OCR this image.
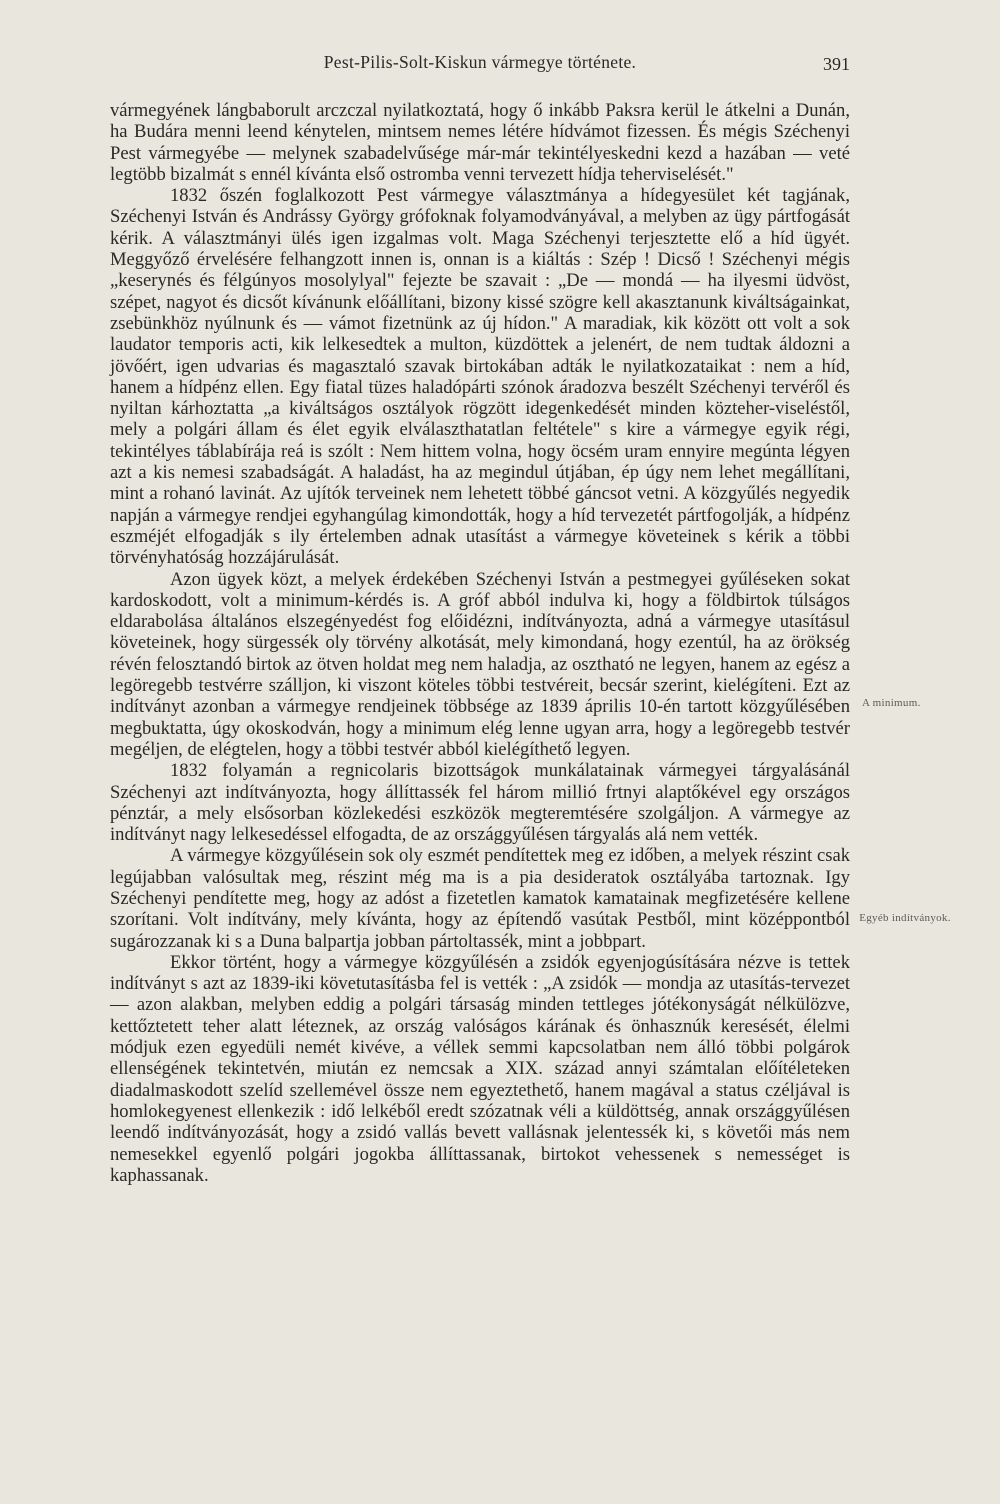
Pest-Pilis-Solt-Kiskun vármegye története.	391

vármegyének lángbaborult arczczal nyilatkoztatá, hogy ő inkább Paksra kerül le átkelni a Dunán, ha Budára menni leend kénytelen, mintsem nemes létére hídvámot fizessen. És mégis Széchenyi Pest vármegyébe — melynek szabadelvűsége már-már tekintélyeskedni kezd a hazában — veté legtöbb bizalmát s ennél kívánta első ostromba venni tervezett hídja teherviselését."

1832 őszén foglalkozott Pest vármegye választmánya a hídegyesület két tagjának, Széchenyi István és Andrássy György grófoknak folyamodványával, a melyben az ügy pártfogását kérik. A választmányi ülés igen izgalmas volt. Maga Széchenyi terjesztette elő a híd ügyét. Meggyőző érvelésére felhangzott innen is, onnan is a kiáltás : Szép ! Dicső ! Széchenyi mégis „keserynés és félgúnyos mosolylyal" fejezte be szavait : „De — mondá — ha ilyesmi üdvöst, szépet, nagyot és dicsőt kívánunk előállítani, bizony kissé szögre kell akasztanunk kiváltságainkat, zsebünkhöz nyúlnunk és — vámot fizetnünk az új hídon." A maradiak, kik között ott volt a sok laudator temporis acti, kik lelkesedtek a multon, küzdöttek a jelenért, de nem tudtak áldozni a jövőért, igen udvarias és magasztaló szavak birtokában adták le nyilatkozataikat : nem a híd, hanem a hídpénz ellen. Egy fiatal tüzes haladópárti szónok áradozva beszélt Széchenyi tervéről és nyiltan kárhoztatta „a kiváltságos osztályok rögzött idegenkedését minden közteher-viseléstől, mely a polgári állam és élet egyik elválaszthatatlan feltétele" s kire a vármegye egyik régi, tekintélyes táblabírája reá is szólt : Nem hittem volna, hogy öcsém uram ennyire megúnta légyen azt a kis nemesi szabadságát. A haladást, ha az megindul útjában, ép úgy nem lehet megállítani, mint a rohanó lavinát. Az ujítók terveinek nem lehetett többé gáncsot vetni. A közgyűlés negyedik napján a vármegye rendjei egyhangúlag kimondották, hogy a híd tervezetét pártfogolják, a hídpénz eszméjét elfogadják s ily értelemben adnak utasítást a vármegye követeinek s kérik a többi törvényhatóság hozzájárulását.

Azon ügyek közt, a melyek érdekében Széchenyi István a pestmegyei gyűléseken sokat kardoskodott, volt a minimum-kérdés is. A gróf abból indulva ki, hogy a földbirtok túlságos eldarabolása általános elszegényedést fog előidézni, indítványozta, adná a vármegye utasításul követeinek, hogy sürgessék oly törvény alkotását, mely kimondaná, hogy ezentúl, ha az örökség révén felosztandó birtok az ötven holdat meg nem haladja, az osztható ne legyen, hanem az egész a legöregebb testvérre szálljon, ki viszont köteles többi testvéreit, becsár szerint, kielégíteni. Ezt az indítványt azonban a vármegye rendjeinek többsége az 1839 április 10-én tartott közgyűlésében megbuktatta, úgy okoskodván, hogy a minimum elég lenne ugyan arra, hogy a legöregebb testvér megéljen, de elégtelen, hogy a többi testvér abból kielégíthető legyen.

1832 folyamán a regnicolaris bizottságok munkálatainak vármegyei tárgyalásánál Széchenyi azt indítványozta, hogy állíttassék fel három millió frtnyi alaptőkével egy országos pénztár, a mely elsősorban közlekedési eszközök megteremtésére szolgáljon. A vármegye az indítványt nagy lelkesedéssel elfogadta, de az országgyűlésen tárgyalás alá nem vették.

A vármegye közgyűlésein sok oly eszmét pendítettek meg ez időben, a melyek részint csak legújabban valósultak meg, részint még ma is a pia desideratok osztályába tartoznak. Igy Széchenyi pendítette meg, hogy az adóst a fizetetlen kamatok kamatainak megfizetésére kellene szorítani. Volt indítvány, mely kívánta, hogy az építendő vasútak Pestből, mint középpontból sugározzanak ki s a Duna balpartja jobban pártoltassék, mint a jobbpart.

Ekkor történt, hogy a vármegye közgyűlésén a zsidók egyenjogúsítására nézve is tettek indítványt s azt az 1839-iki követutasításba fel is vették : „A zsidók — mondja az utasítás-tervezet — azon alakban, melyben eddig a polgári társaság minden tettleges jótékonyságát nélkülözve, kettőztetett teher alatt léteznek, az ország valóságos kárának és önhasznúk keresését, élelmi módjuk ezen egyedüli nemét kivéve, a véllek semmi kapcsolatban nem álló többi polgárok ellenségének tekintetvén, miután ez nemcsak a XIX. század annyi számtalan előítéleteken diadalmaskodott szelíd szellemével össze nem egyeztethető, hanem magával a status czéljával is homlokegyenest ellenkezik : idő lelkéből eredt szózatnak véli a küldöttség, annak országgyűlésen leendő indítványozását, hogy a zsidó vallás bevett vallásnak jelentessék ki, s követői más nem nemesekkel egyenlő polgári jogokba állíttassanak, birtokot vehessenek s nemességet is kaphassanak.

A minimum.
Egyéb indítványok.
